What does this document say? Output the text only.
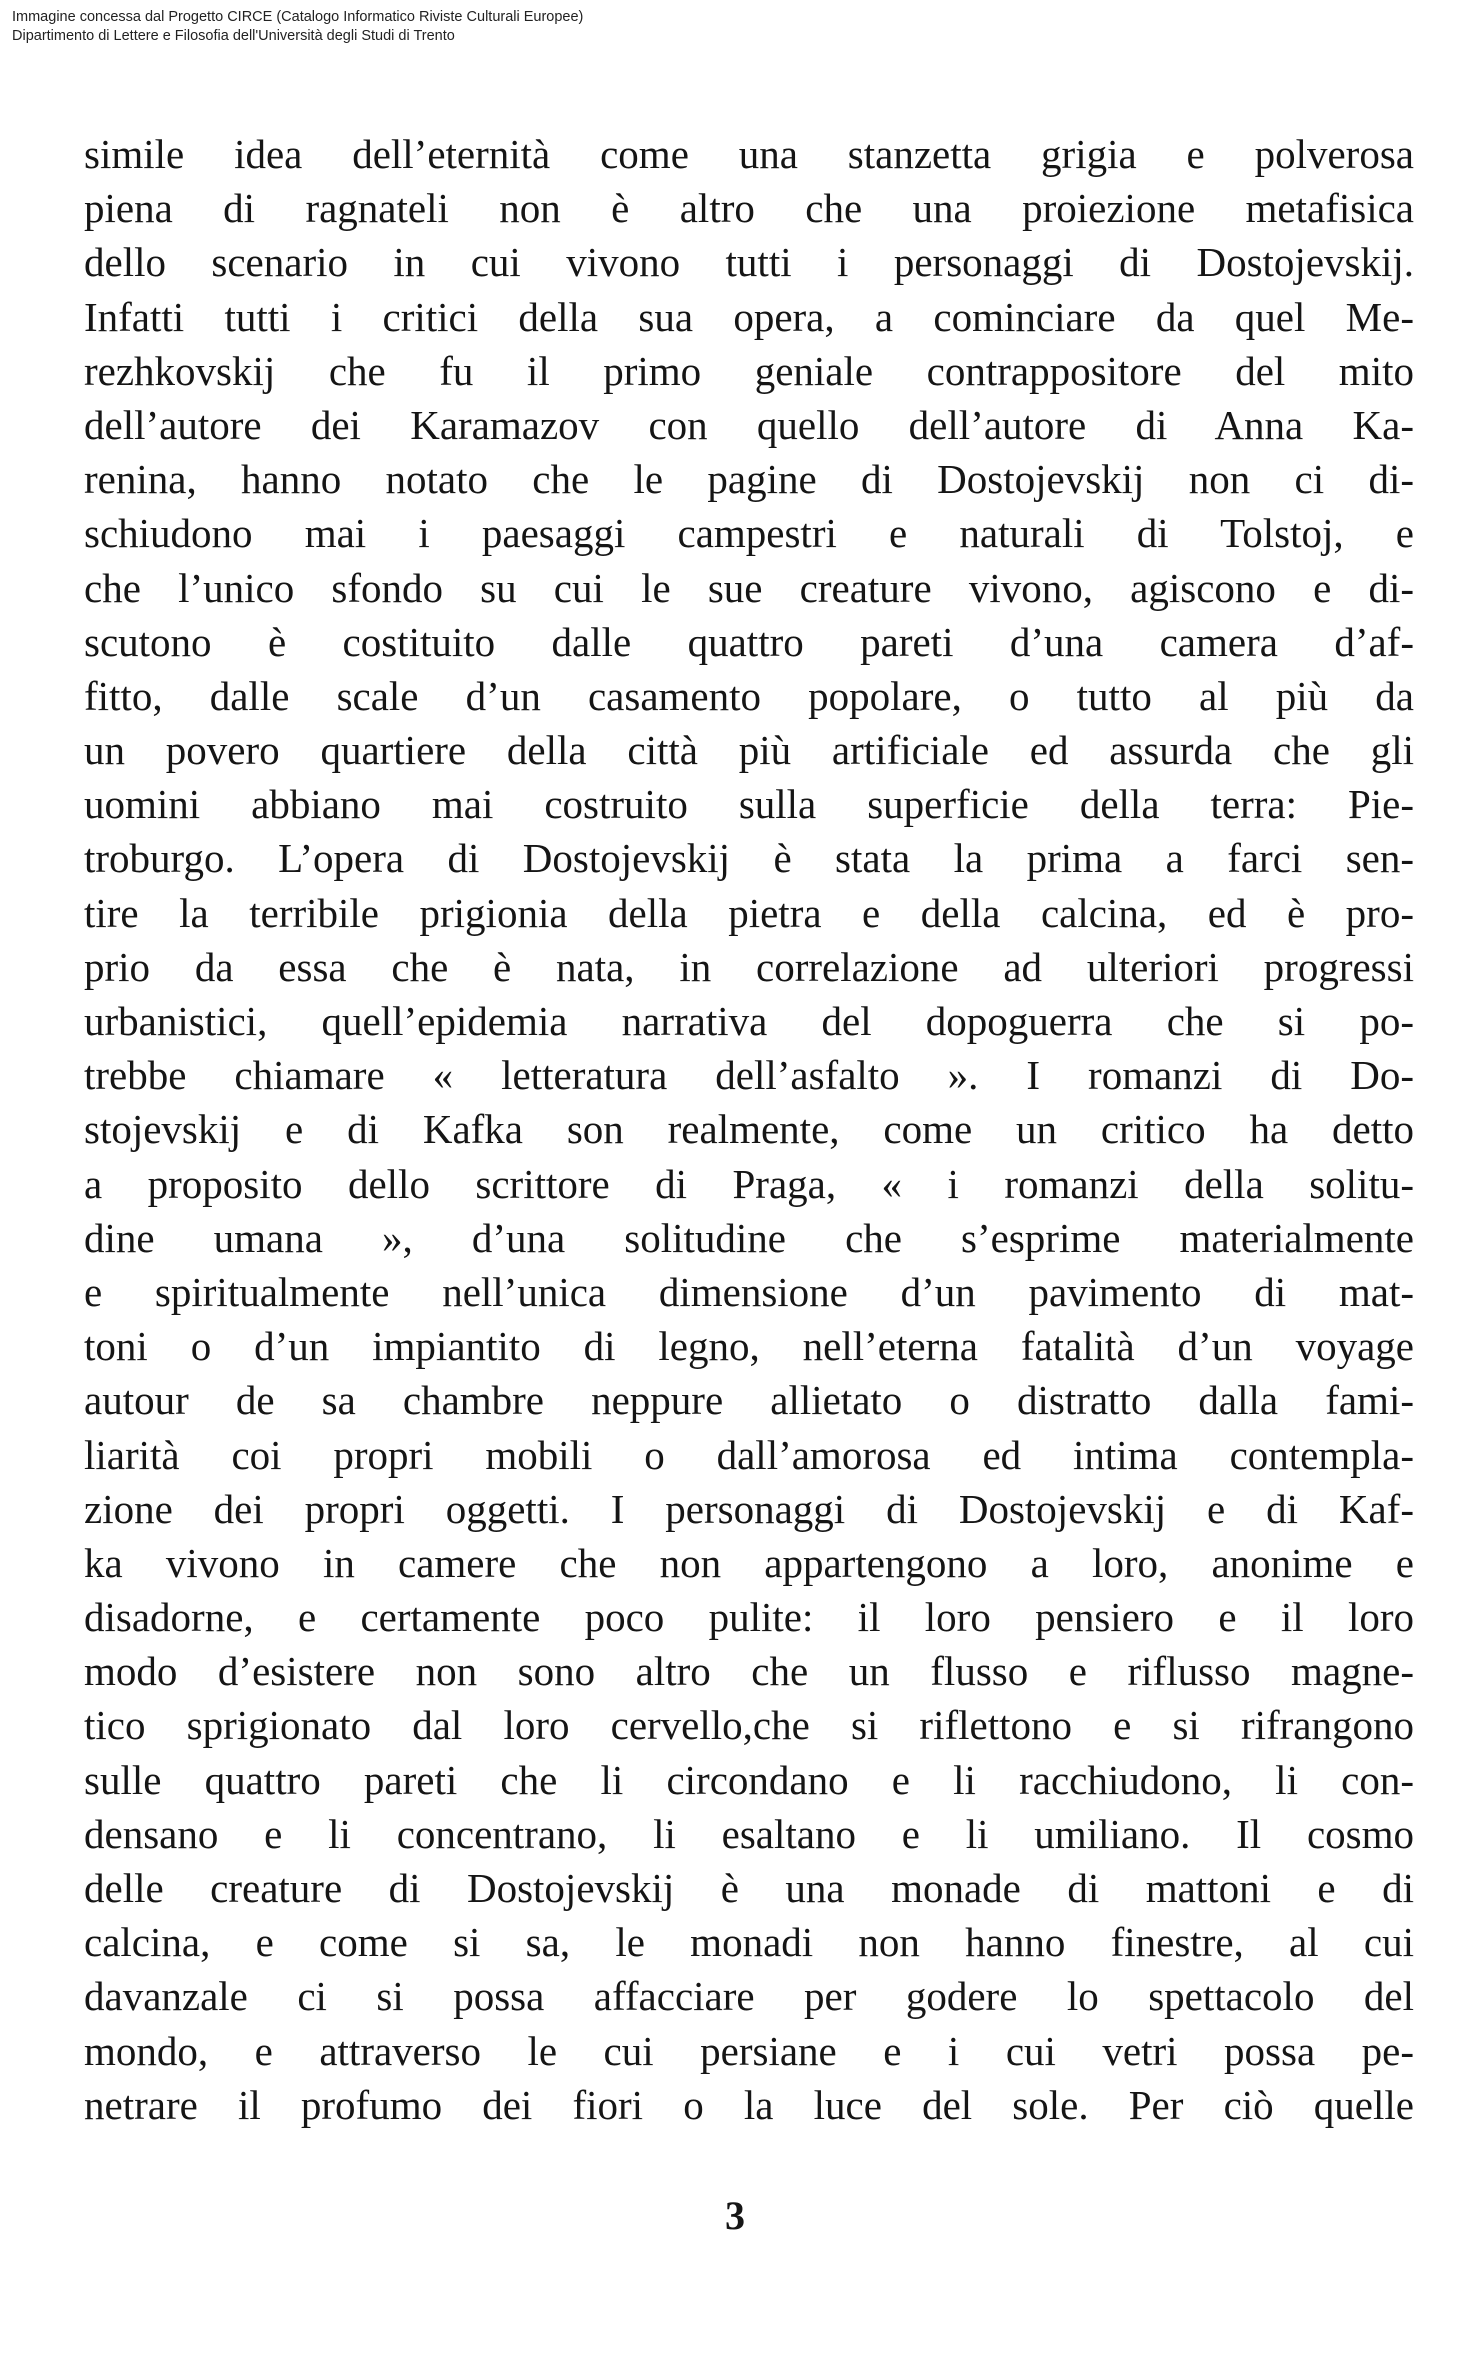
Immagine concessa dal Progetto CIRCE (Catalogo Informatico Riviste Culturali Europee)
Dipartimento di Lettere e Filosofia dell'Università degli Studi di Trento
simile idea dell’eternità come una stanzetta grigia e polverosa
piena di ragnateli non è altro che una proiezione metafisica
dello scenario in cui vivono tutti i personaggi di Dostojevskij.
Infatti tutti i critici della sua opera, a cominciare da quel Me-
rezhkovskij che fu il primo geniale contrappositore del mito
dell’autore dei Karamazov con quello dell’autore di Anna Ka-
renina, hanno notato che le pagine di Dostojevskij non ci di-
schiudono mai i paesaggi campestri e naturali di Tolstoj, e
che l’unico sfondo su cui le sue creature vivono, agiscono e di-
scutono è costituito dalle quattro pareti d’una camera d’af-
fitto, dalle scale d’un casamento popolare, o tutto al più da
un povero quartiere della città più artificiale ed assurda che gli
uomini abbiano mai costruito sulla superficie della terra: Pie-
troburgo. L’opera di Dostojevskij è stata la prima a farci sen-
tire la terribile prigionia della pietra e della calcina, ed è pro-
prio da essa che è nata, in correlazione ad ulteriori progressi
urbanistici, quell’epidemia narrativa del dopoguerra che si po-
trebbe chiamare « letteratura dell’asfalto ». I romanzi di Do-
stojevskij e di Kafka son realmente, come un critico ha detto
a proposito dello scrittore di Praga, « i romanzi della solitu-
dine umana », d’una solitudine che s’esprime materialmente
e spiritualmente nell’unica dimensione d’un pavimento di mat-
toni o d’un impiantito di legno, nell’eterna fatalità d’un voyage
autour de sa chambre neppure allietato o distratto dalla fami-
liarità coi propri mobili o dall’amorosa ed intima contempla-
zione dei propri oggetti. I personaggi di Dostojevskij e di Kaf-
ka vivono in camere che non appartengono a loro, anonime e
disadorne, e certamente poco pulite: il loro pensiero e il loro
modo d’esistere non sono altro che un flusso e riflusso magne-
tico sprigionato dal loro cervello,che si riflettono e si rifrangono
sulle quattro pareti che li circondano e li racchiudono, li con-
densano e li concentrano, li esaltano e li umiliano. Il cosmo
delle creature di Dostojevskij è una monade di mattoni e di
calcina, e come si sa, le monadi non hanno finestre, al cui
davanzale ci si possa affacciare per godere lo spettacolo del
mondo, e attraverso le cui persiane e i cui vetri possa pe-
netrare il profumo dei fiori o la luce del sole. Per ciò quelle
3
